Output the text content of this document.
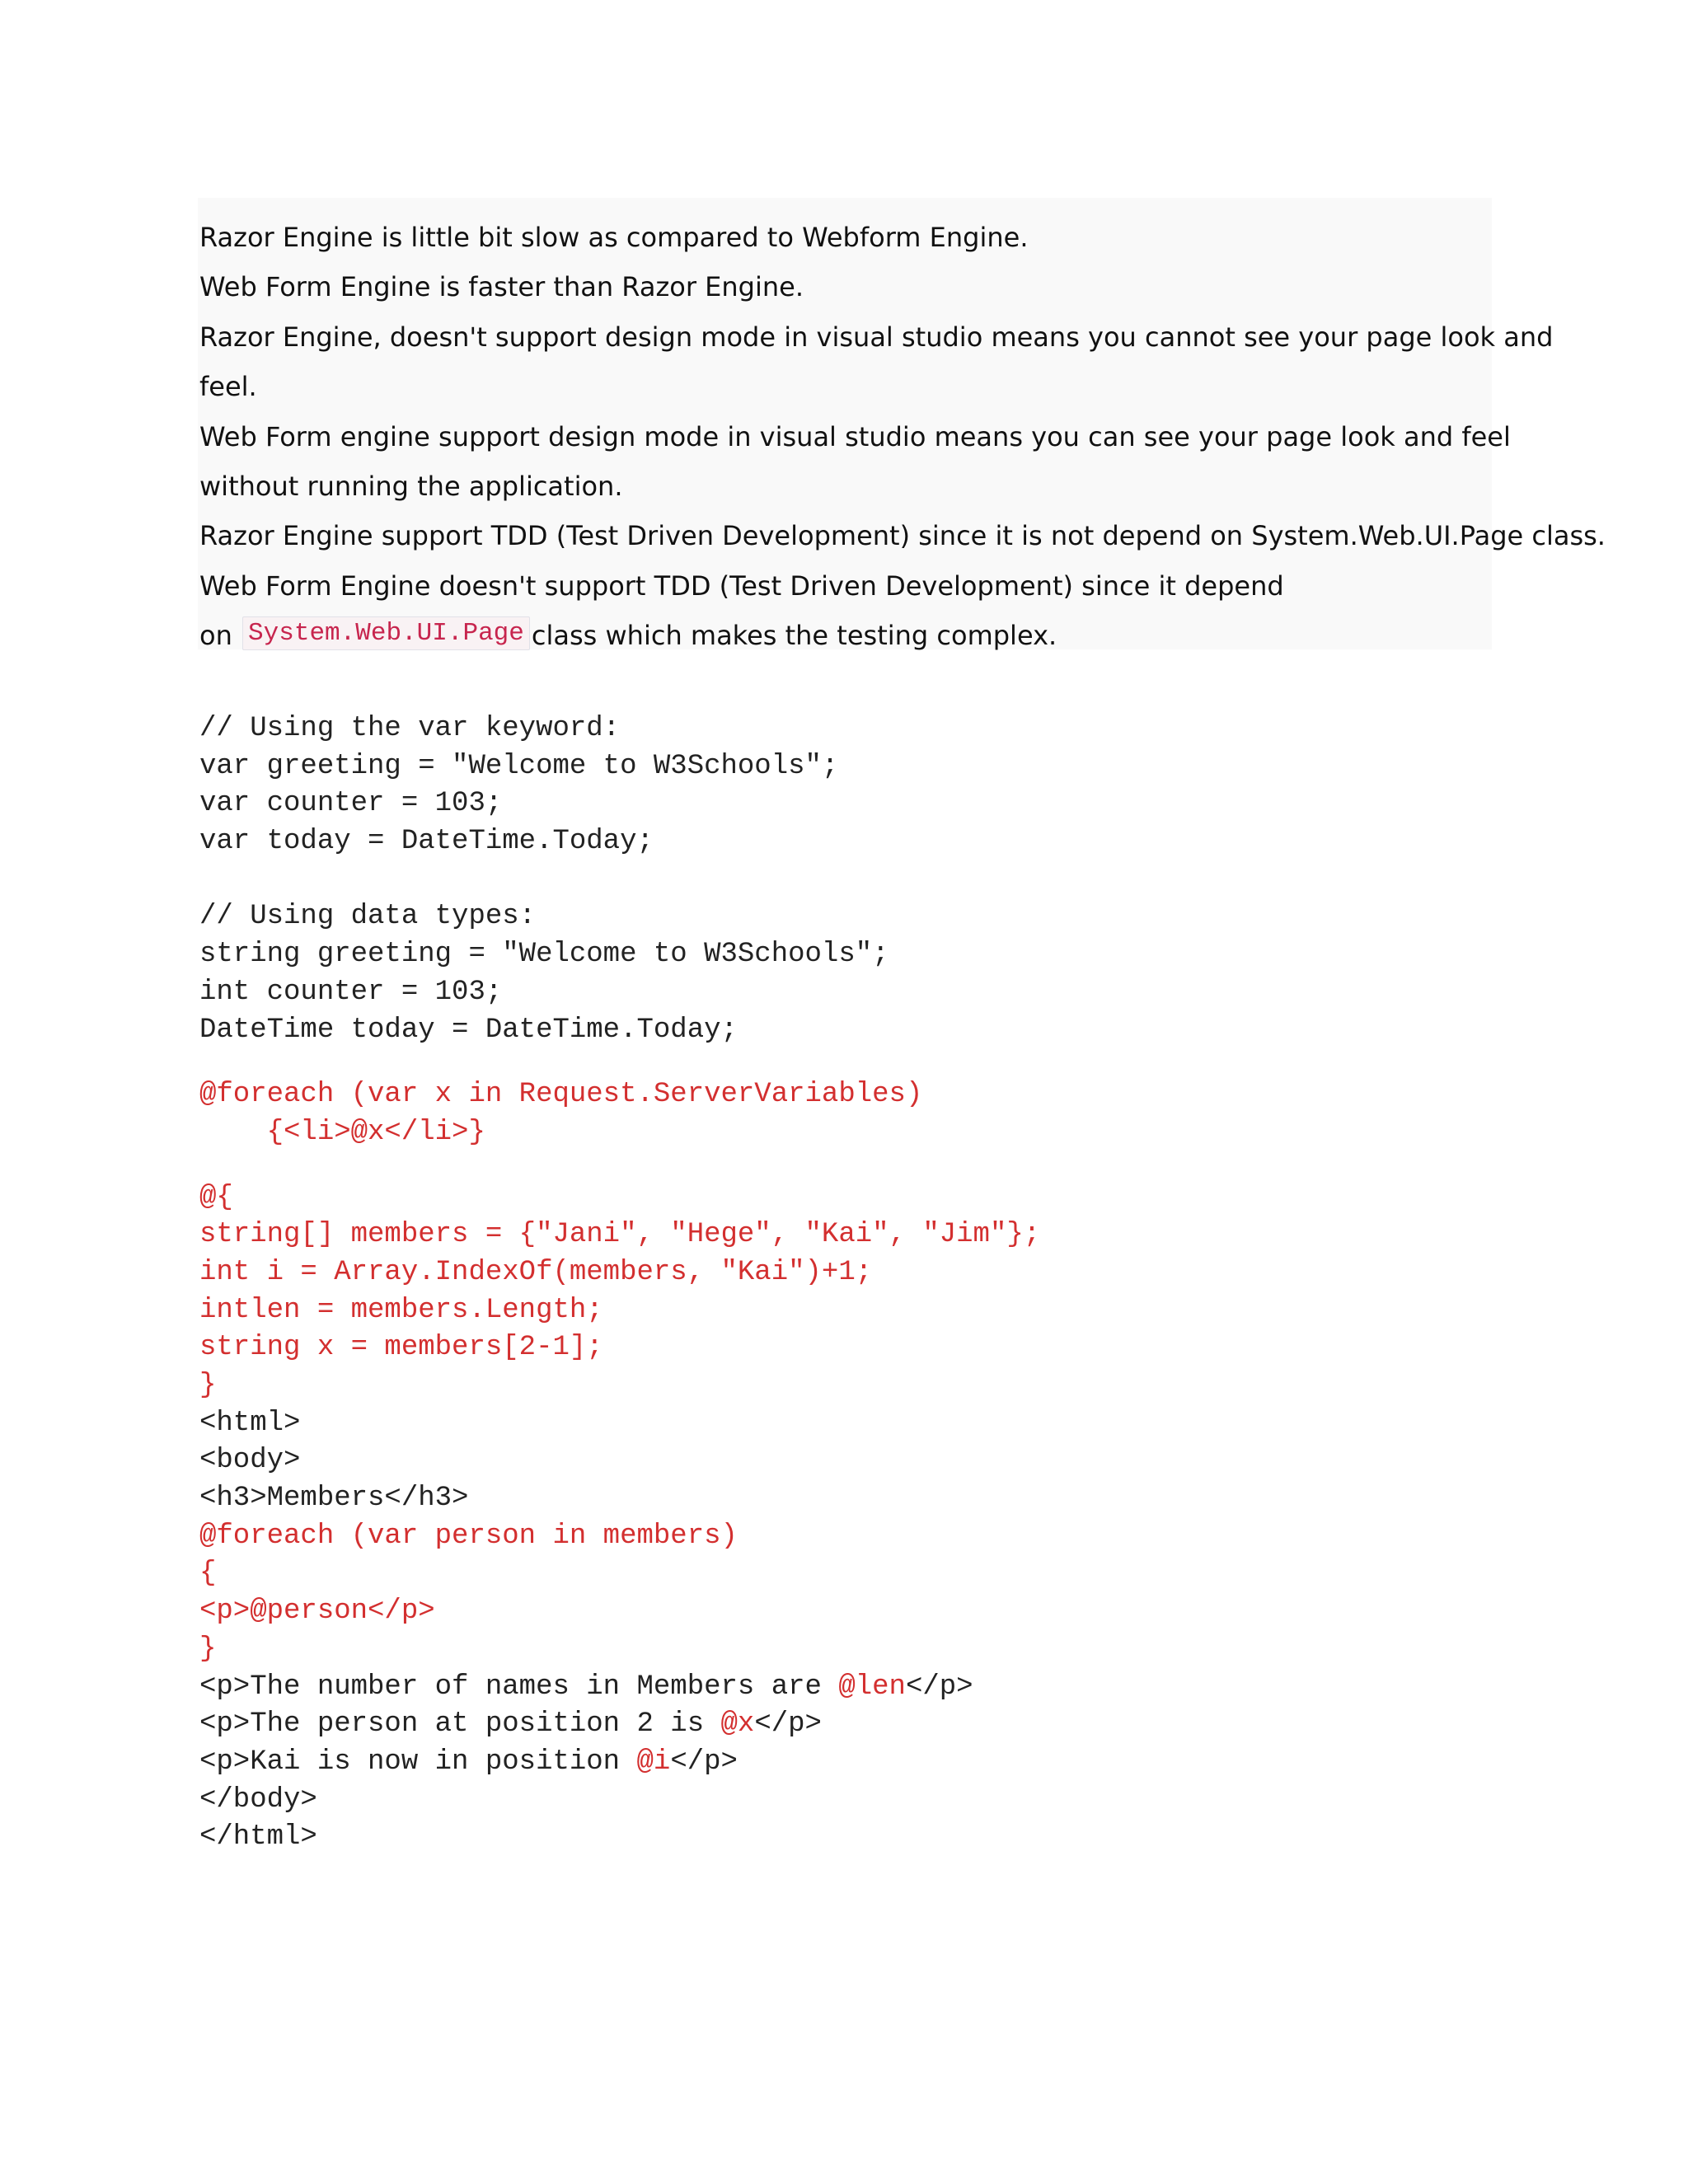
Razor Engine is little bit slow as compared to Webform Engine.
Web Form Engine is faster than Razor Engine.
Razor Engine, doesn't support design mode in visual studio means you cannot see your page look and
feel.
Web Form engine support design mode in visual studio means you can see your page look and feel
without running the application.
Razor Engine support TDD (Test Driven Development) since it is not depend on System.Web.UI.Page class.
Web Form Engine doesn't support TDD (Test Driven Development) since it depend
on System.Web.UI.Page class which makes the testing complex.
// Using the var keyword:
var greeting = "Welcome to W3Schools";
var counter = 103;
var today = DateTime.Today;
// Using data types:
string greeting = "Welcome to W3Schools";
int counter = 103;
DateTime today = DateTime.Today;
@foreach (var x in Request.ServerVariables)
{<li>@x</li>}
@{
string[] members = {"Jani", "Hege", "Kai", "Jim"};
int i = Array.IndexOf(members, "Kai")+1;
intlen = members.Length;
string x = members[2-1];
}
<html>
<body>
<h3>Members</h3>
@foreach (var person in members)
{
<p>@person</p>
}
<p>The number of names in Members are @len</p>
<p>The person at position 2 is @x</p>
<p>Kai is now in position @i</p>
</body>
</html>
